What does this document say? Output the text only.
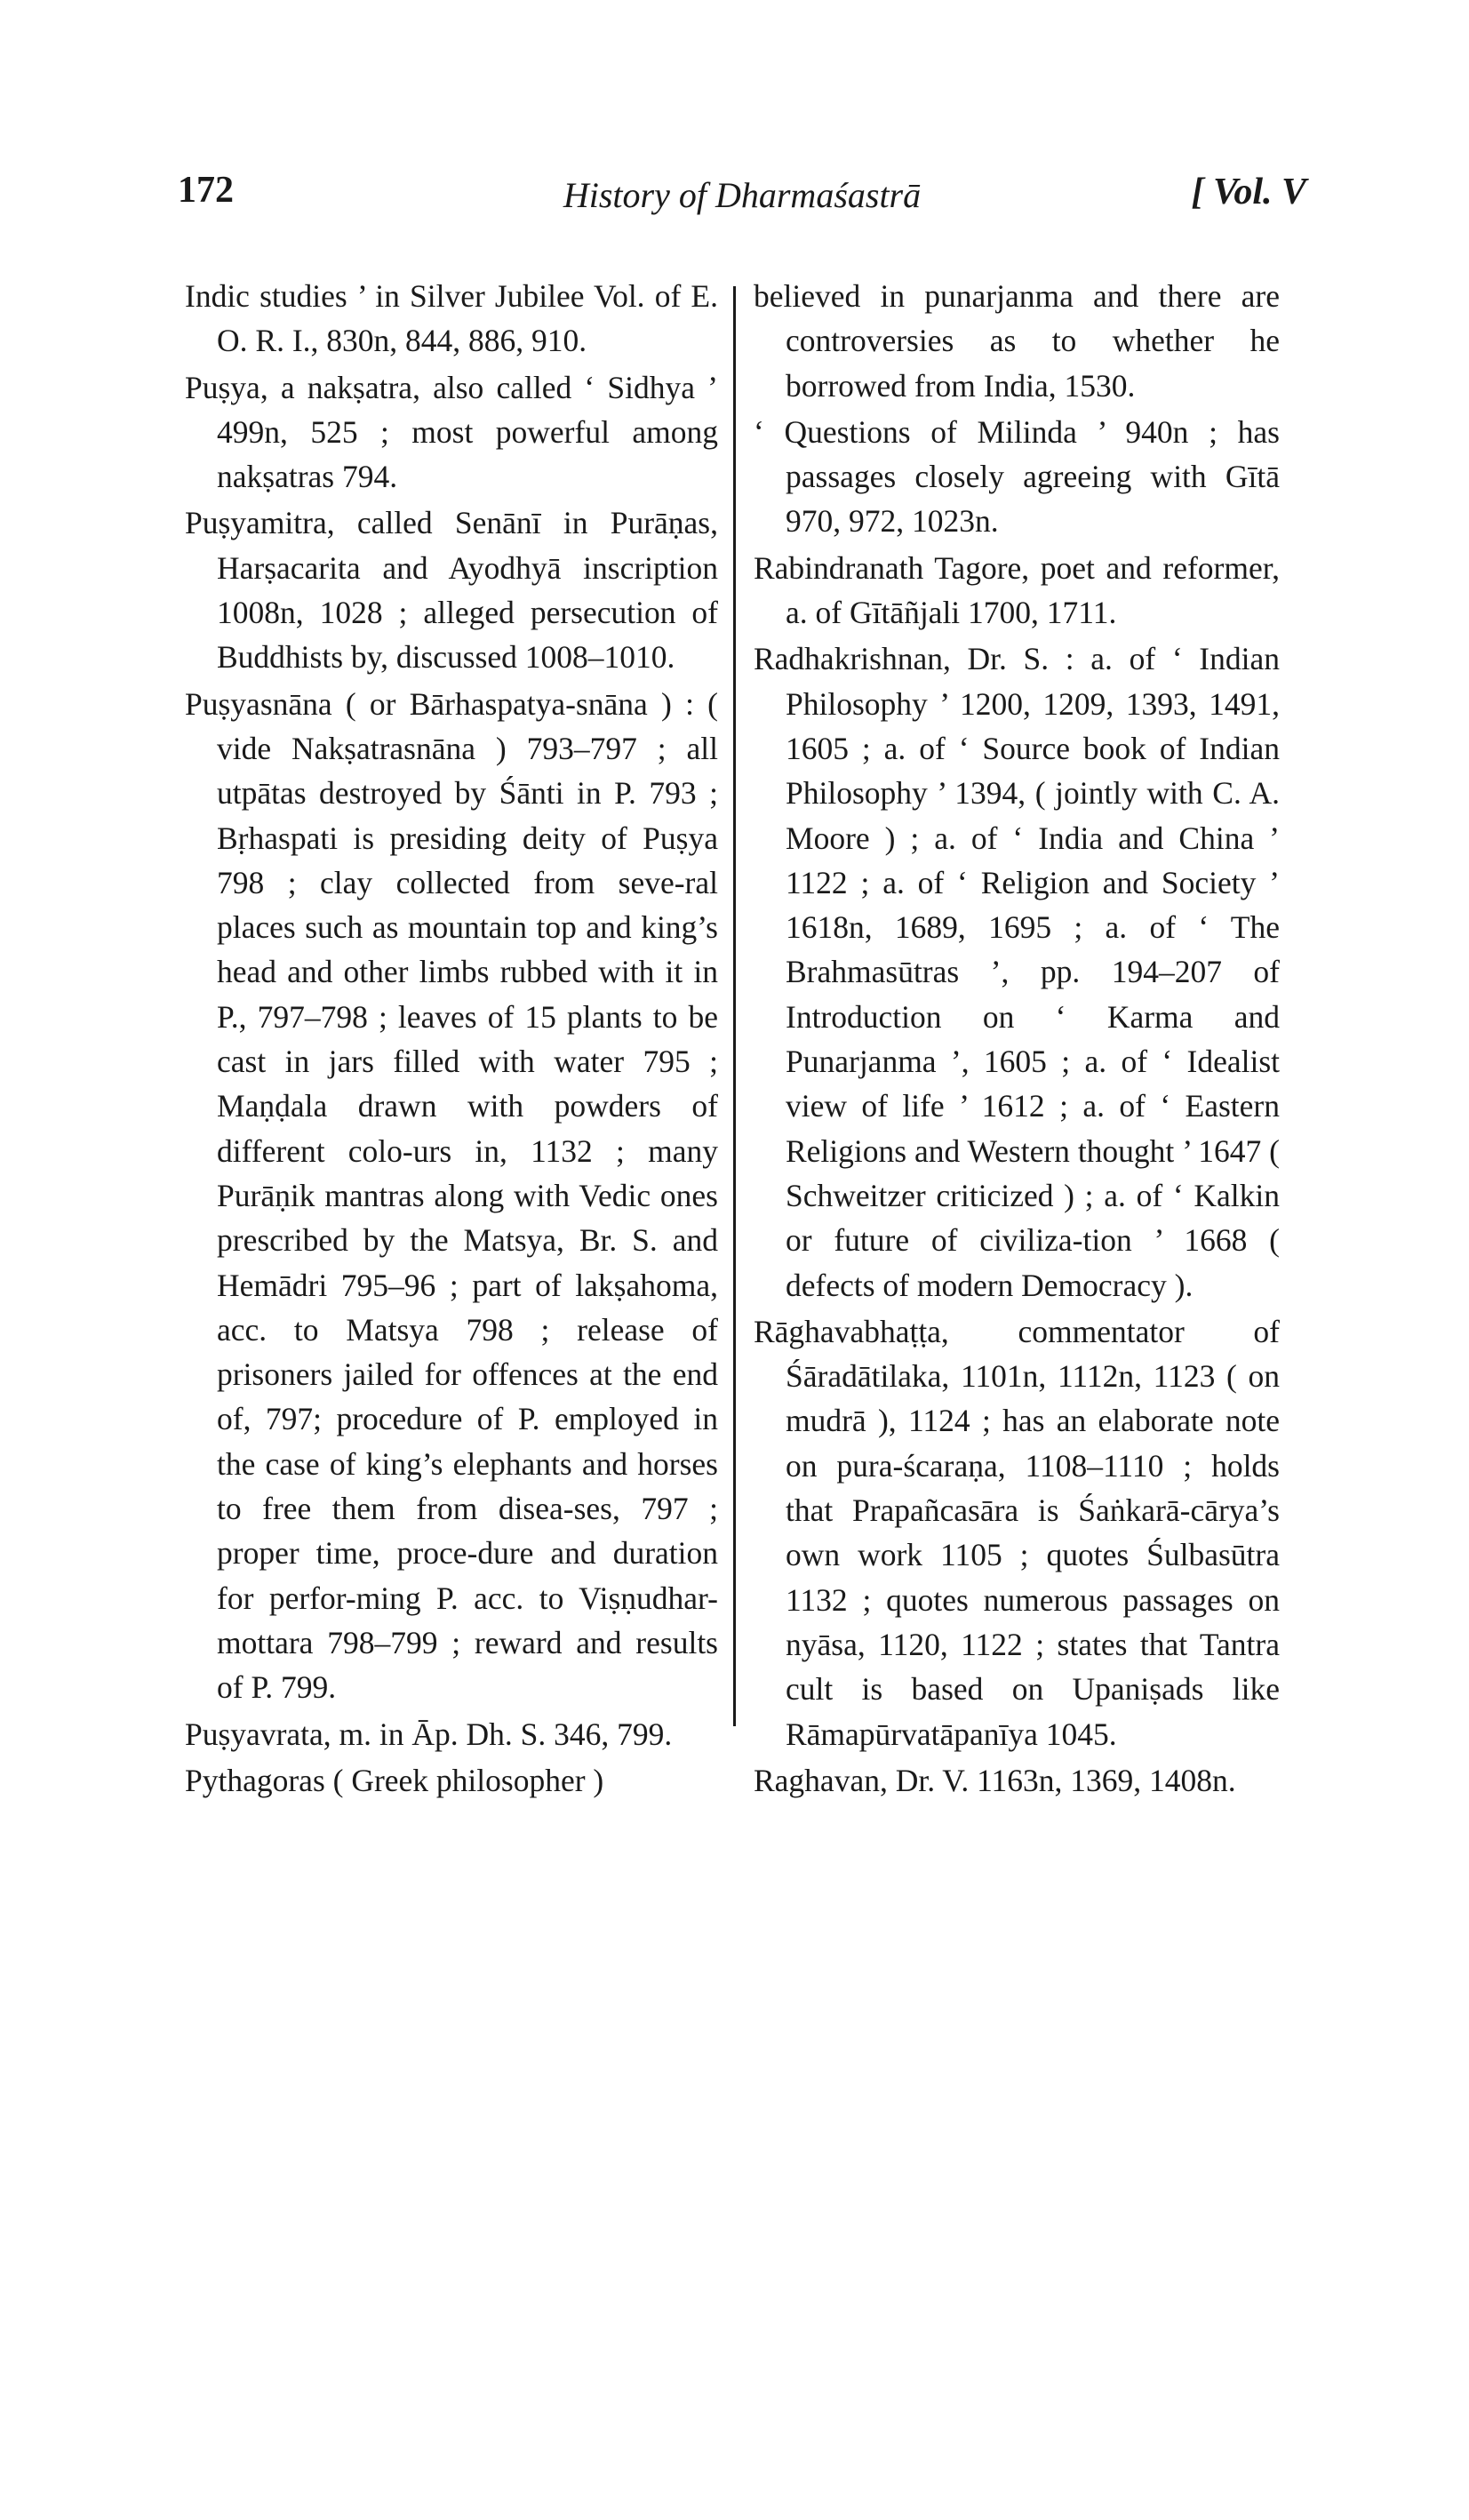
172	History of Dharmaśastrā	[ Vol. V

Indic studies ’ in Silver Jubilee Vol. of E. O. R. I., 830n, 844, 886, 910.

Puṣya, a nakṣatra, also called ‘ Sidhya ’ 499n, 525 ; most powerful among nakṣatras 794.

Puṣyamitra, called Senānī in Purāṇas, Harṣacarita and Ayodhyā inscription 1008n, 1028 ; alleged persecution of Buddhists by, discussed 1008–1010.

Puṣyasnāna ( or Bārhaspatya-snāna ) : ( vide Nakṣatrasnāna ) 793–797 ; all utpātas destroyed by Śānti in P. 793 ; Bṛhaspati is presiding deity of Puṣya 798 ; clay collected from seve-ral places such as mountain top and king’s head and other limbs rubbed with it in P., 797–798 ; leaves of 15 plants to be cast in jars filled with water 795 ; Maṇḍala drawn with powders of different colo-urs in, 1132 ; many Purāṇik mantras along with Vedic ones prescribed by the Matsya, Br. S. and Hemādri 795–96 ; part of lakṣahoma, acc. to Matsya 798 ; release of prisoners jailed for offences at the end of, 797; procedure of P. employed in the case of king’s elephants and horses to free them from disea-ses, 797 ; proper time, proce-dure and duration for perfor-ming P. acc. to Viṣṇudhar-mottara 798–799 ; reward and results of P. 799.

Puṣyavrata, m. in Āp. Dh. S. 346, 799.

Pythagoras ( Greek philosopher )

believed in punarjanma and there are controversies as to whether he borrowed from India, 1530.

‘ Questions of Milinda ’ 940n ; has passages closely agreeing with Gītā 970, 972, 1023n.

Rabindranath Tagore, poet and reformer, a. of Gītāñjali 1700, 1711.

Radhakrishnan, Dr. S. : a. of ‘ Indian Philosophy ’ 1200, 1209, 1393, 1491, 1605 ; a. of ‘ Source book of Indian Philosophy ’ 1394, ( jointly with C. A. Moore ) ; a. of ‘ India and China ’ 1122 ; a. of ‘ Religion and Society ’ 1618n, 1689, 1695 ; a. of ‘ The Brahmasūtras ’, pp. 194–207 of Introduction on ‘ Karma and Punarjanma ’, 1605 ; a. of ‘ Idealist view of life ’ 1612 ; a. of ‘ Eastern Religions and Western thought ’ 1647 ( Schweitzer criticized ) ; a. of ‘ Kalkin or future of civiliza-tion ’ 1668 ( defects of modern Democracy ).

Rāghavabhaṭṭa, commentator of Śāradātilaka, 1101n, 1112n, 1123 ( on mudrā ), 1124 ; has an elaborate note on pura-ścaraṇa, 1108–1110 ; holds that Prapañcasāra is Śaṅkarā-cārya’s own work 1105 ; quotes Śulbasūtra 1132 ; quotes numerous passages on nyāsa, 1120, 1122 ; states that Tantra cult is based on Upaniṣads like Rāmapūrvatāpanīya 1045.

Raghavan, Dr. V. 1163n, 1369, 1408n.
